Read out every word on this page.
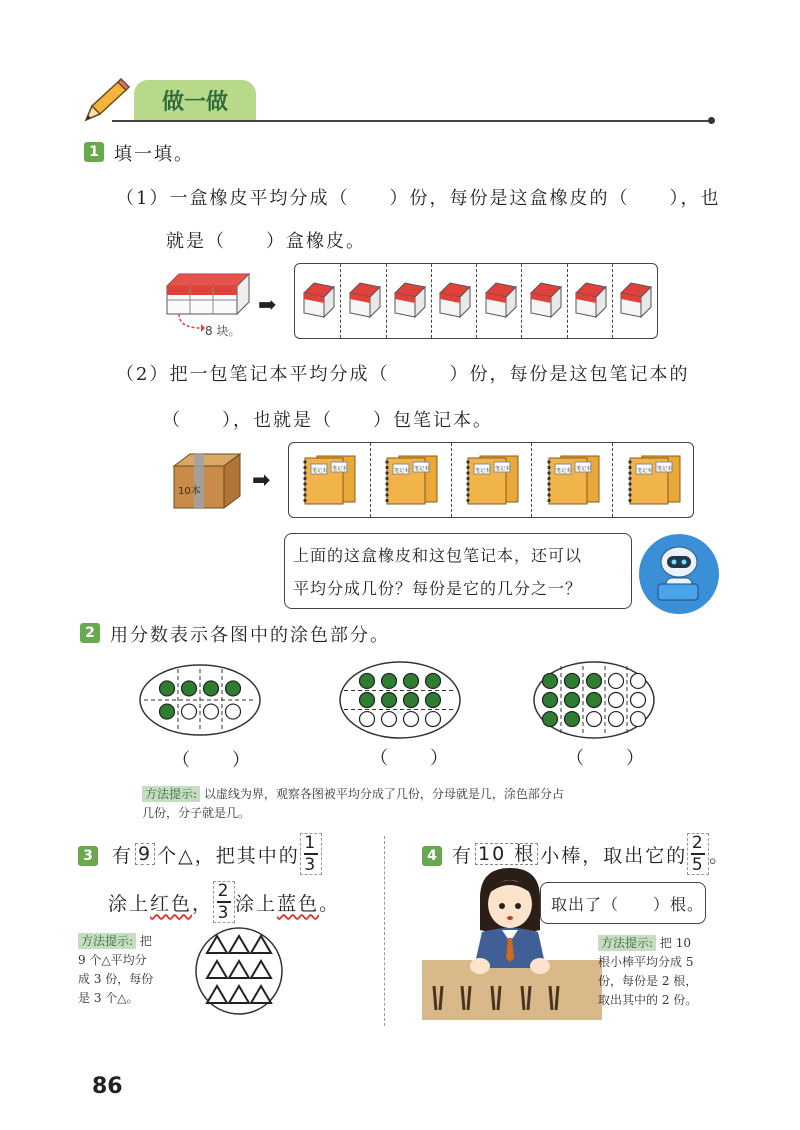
做一做
1 填一填。
（1）一盒橡皮平均分成（　　）份，每份是这盒橡皮的（　　），也
就是（　　）盒橡皮。
8 块。
➡
（2）把一包笔记本平均分成（　　　）份，每份是这包笔记本的
（　　），也就是（　　）包笔记本。
10本 ➡	笔记本 笔记本	笔记本 笔记本	笔记本 笔记本	笔记本 笔记本	笔记本 笔记本
上面的这盒橡皮和这包笔记本，还可以
平均分成几份？每份是它的几分之一？
2 用分数表示各图中的涂色部分。
（　　）	（　　）	（　　）
方法提示: 以虚线为界，观察各图被平均分成了几份，分母就是几，涂色部分占
几份，分子就是几。
3 有 9 个△，把其中的 $\frac{1}{3}$
涂上 红色 ， $\frac{2}{3}$ 涂上 蓝色 。
方法提示: 把
9 个△平均分
成 3 份，每份
是 3 个△。
4 有 10 根 小棒，取出它的 $\frac{2}{5}$ 。
取出了（　　）根。
方法提示: 把 10
根小棒平均分成 5
份，每份是 2 根，
取出其中的 2 份。
86
